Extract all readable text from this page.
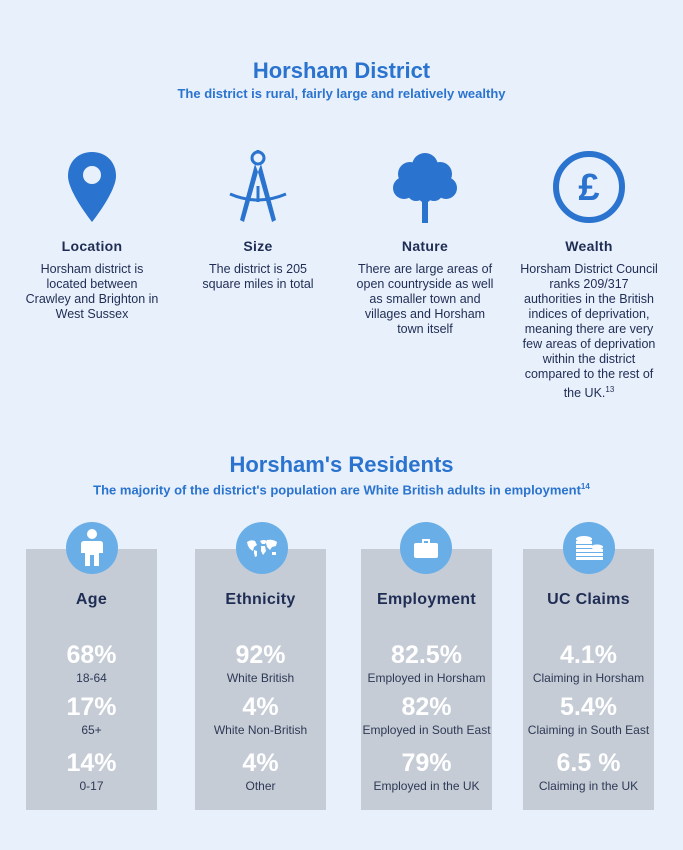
Horsham District
The district is rural, fairly large and relatively wealthy
Location
Horsham district is located between Crawley and Brighton in West Sussex
Size
The district is 205 square miles in total
Nature
There are large areas of open countryside as well as smaller town and villages and Horsham town itself
£
Wealth
Horsham District Council ranks 209/317 authorities in the British indices of deprivation, meaning there are very few areas of deprivation within the district compared to the rest of the UK.$^{13}$
Horsham's Residents
The majority of the district's population are White British adults in employment$^{14}$
Age
68%
18-64
17%
65+
14%
0-17
Ethnicity
92%
White British
4%
White Non-British
4%
Other
Employment
82.5%
Employed in Horsham
82%
Employed in South East
79%
Employed in the UK
UC Claims
4.1%
Claiming in Horsham
5.4%
Claiming in South East
6.5 %
Claiming in the UK
